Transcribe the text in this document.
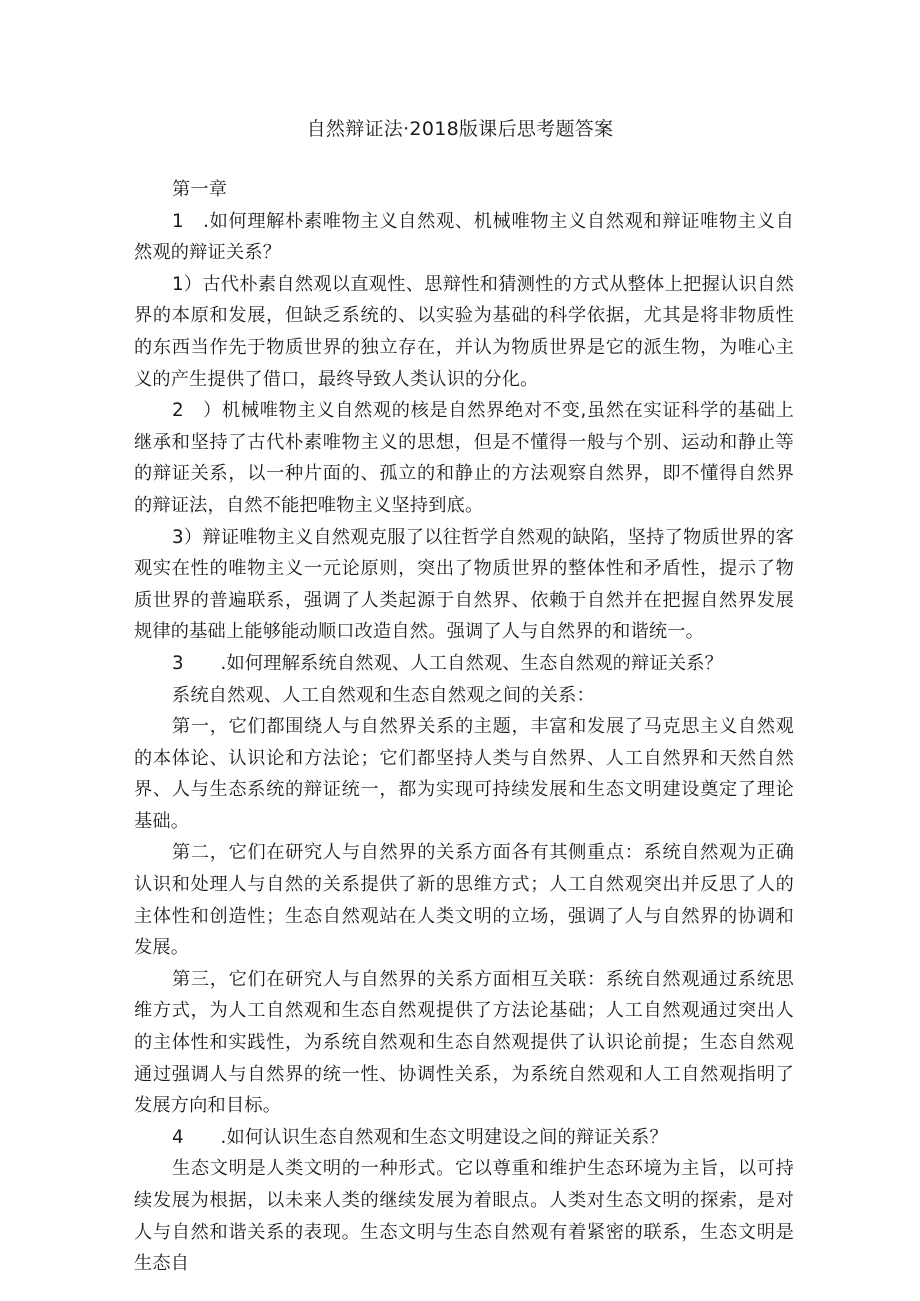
自然辩证法·2018版课后思考题答案

第一章

1　.如何理解朴素唯物主义自然观、机械唯物主义自然观和辩证唯物主义自然观的辩证关系？

1）古代朴素自然观以直观性、思辩性和猜测性的方式从整体上把握认识自然界的本原和发展，但缺乏系统的、以实验为基础的科学依据，尤其是将非物质性的东西当作先于物质世界的独立存在，并认为物质世界是它的派生物，为唯心主义的产生提供了借口，最终导致人类认识的分化。

2　）机械唯物主义自然观的核是自然界绝对不变,虽然在实证科学的基础上继承和坚持了古代朴素唯物主义的思想，但是不懂得一般与个别、运动和静止等的辩证关系，以一种片面的、孤立的和静止的方法观察自然界，即不懂得自然界的辩证法，自然不能把唯物主义坚持到底。

3）辩证唯物主义自然观克服了以往哲学自然观的缺陷，坚持了物质世界的客观实在性的唯物主义一元论原则，突出了物质世界的整体性和矛盾性，提示了物质世界的普遍联系，强调了人类起源于自然界、依赖于自然并在把握自然界发展规律的基础上能够能动顺口改造自然。强调了人与自然界的和谐统一。

3　　.如何理解系统自然观、人工自然观、生态自然观的辩证关系？

系统自然观、人工自然观和生态自然观之间的关系：

第一，它们都围绕人与自然界关系的主题，丰富和发展了马克思主义自然观的本体论、认识论和方法论；它们都坚持人类与自然界、人工自然界和天然自然界、人与生态系统的辩证统一，都为实现可持续发展和生态文明建设奠定了理论基础。

第二，它们在研究人与自然界的关系方面各有其侧重点：系统自然观为正确认识和处理人与自然的关系提供了新的思维方式；人工自然观突出并反思了人的主体性和创造性；生态自然观站在人类文明的立场，强调了人与自然界的协调和发展。

第三，它们在研究人与自然界的关系方面相互关联：系统自然观通过系统思维方式，为人工自然观和生态自然观提供了方法论基础；人工自然观通过突出人的主体性和实践性，为系统自然观和生态自然观提供了认识论前提；生态自然观通过强调人与自然界的统一性、协调性关系，为系统自然观和人工自然观指明了发展方向和目标。

4　　.如何认识生态自然观和生态文明建设之间的辩证关系？

生态文明是人类文明的一种形式。它以尊重和维护生态环境为主旨，以可持续发展为根据，以未来人类的继续发展为着眼点。人类对生态文明的探索，是对人与自然和谐关系的表现。生态文明与生态自然观有着紧密的联系，生态文明是生态自
